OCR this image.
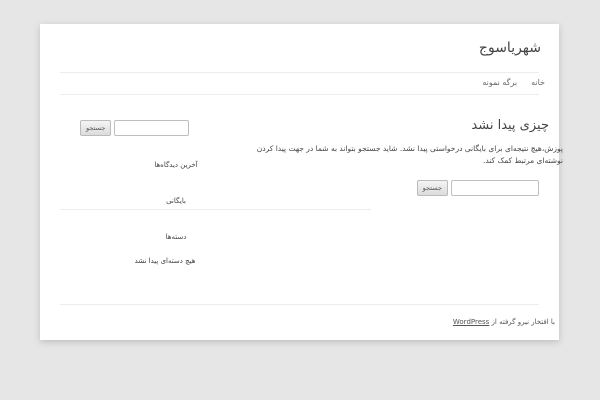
شهریاسوج
خانه
برگه نمونه
چیزی پیدا نشد

پوزش،هیچ نتیجه‌ای برای بایگانی درخواستی پیدا نشد. شاید جستجو بتواند به شما در جهت پیدا کردن نوشته‌ای مرتبط کمک کند.

جستجو
جستجو
آخرین دیدگاه‌ها
بایگانی
دسته‌ها
هیچ دسته‌ای پیدا نشد
WordPress با افتخار نیرو گرفته از
